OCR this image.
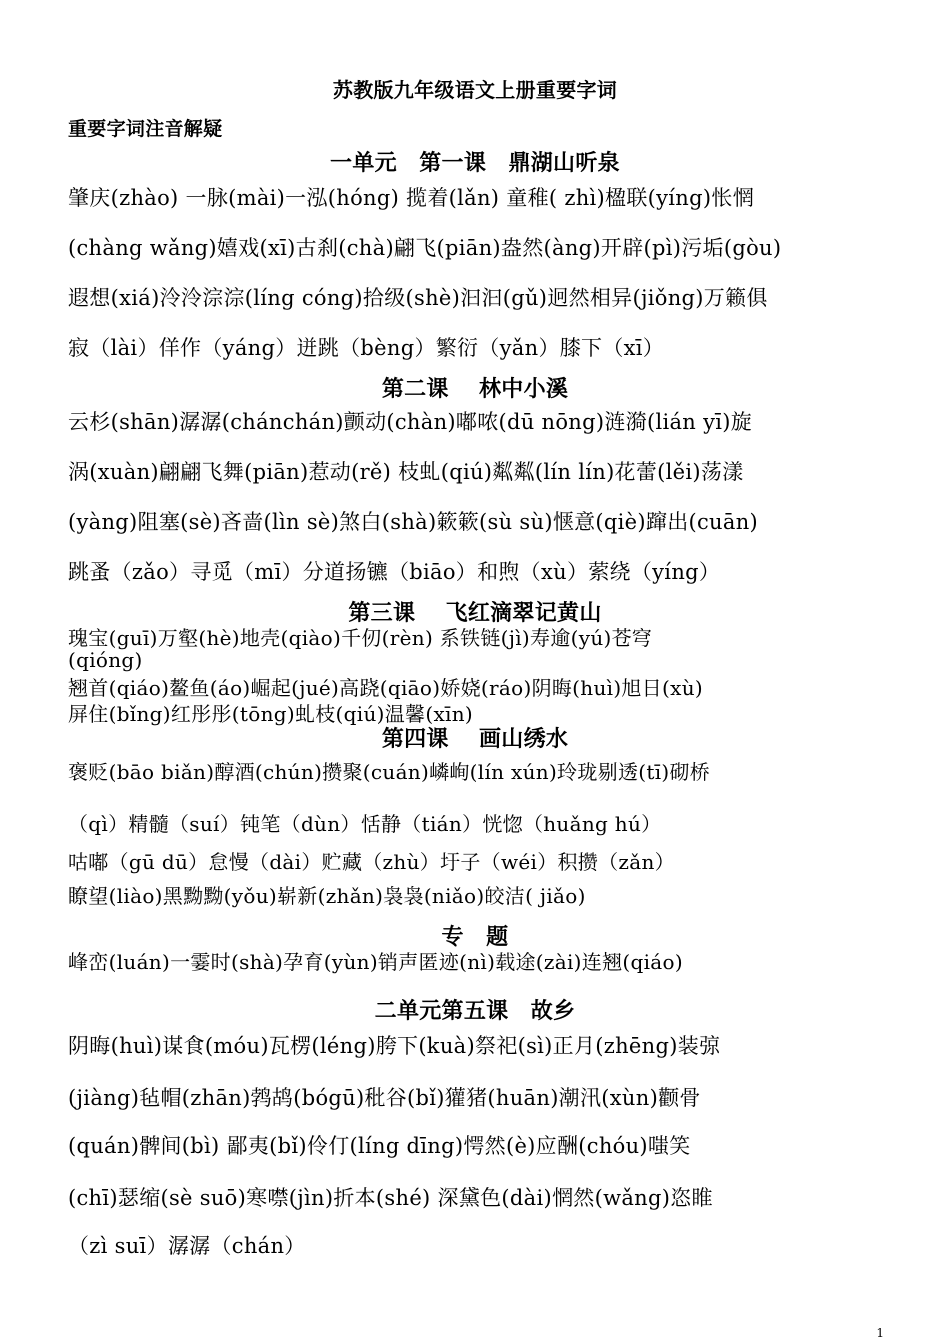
苏教版九年级语文上册重要字词
重要字词注音解疑
一单元　第一课　鼎湖山听泉
肇庆(zhào) 一脉(mài)一泓(hóng) 揽着(lǎn) 童稚( zhì)楹联(yíng)怅惘
(chàng wǎng)嬉戏(xī)古刹(chà)翩飞(piān)盎然(àng)开辟(pì)污垢(gòu)
遐想(xiá)泠泠淙淙(líng cóng)拾级(shè)汩汩(gǔ)迥然相异(jiǒng)万籁俱
寂（lài）佯作（yáng）迸跳（bèng）繁衍（yǎn）膝下（xī）
第二课　 林中小溪
云杉(shān)潺潺(chánchán)颤动(chàn)嘟哝(dū nōng)涟漪(lián yī)旋
涡(xuàn)翩翩飞舞(piān)惹动(rě) 枝虬(qiú)粼粼(lín lín)花蕾(lěi)荡漾
(yàng)阻塞(sè)吝啬(lìn sè)煞白(shà)簌簌(sù sù)惬意(qiè)蹿出(cuān)
跳蚤（zǎo）寻觅（mī）分道扬镳（biāo）和煦（xù）萦绕（yíng）
第三课　 飞红滴翠记黄山
瑰宝(guī)万壑(hè)地壳(qiào)千仞(rèn) 系铁链(jì)寿逾(yú)苍穹
(qióng)
翘首(qiáo)鳌鱼(áo)崛起(jué)高跷(qiāo)娇娆(ráo)阴晦(huì)旭日(xù)
屏住(bǐng)红彤彤(tōng)虬枝(qiú)温馨(xīn)
第四课　 画山绣水
褒贬(bāo biǎn)醇酒(chún)攒聚(cuán)嶙峋(lín xún)玲珑剔透(tī)砌桥
（qì）精髓（suí）钝笔（dùn）恬静（tián）恍惚（huǎng hú）
咕嘟（gū dū）怠慢（dài）贮藏（zhù）圩子（wéi）积攒（zǎn）
瞭望(liào)黑黝黝(yǒu)崭新(zhǎn)袅袅(niǎo)皎洁( jiǎo)
专　题
峰峦(luán)一霎时(shà)孕育(yùn)销声匿迹(nì)载途(zài)连翘(qiáo)
二单元第五课　故乡
阴晦(huì)谋食(móu)瓦楞(léng)胯下(kuà)祭祀(sì)正月(zhēng)装弶
(jiàng)毡帽(zhān)鹁鸪(bógū)秕谷(bǐ)獾猪(huān)潮汛(xùn)颧骨
(quán)髀间(bì) 鄙夷(bǐ)伶仃(líng dīng)愕然(è)应酬(chóu)嗤笑
(chī)瑟缩(sè suō)寒噤(jìn)折本(shé) 深黛色(dài)惘然(wǎng)恣睢
（zì suī）潺潺（chán）
1
